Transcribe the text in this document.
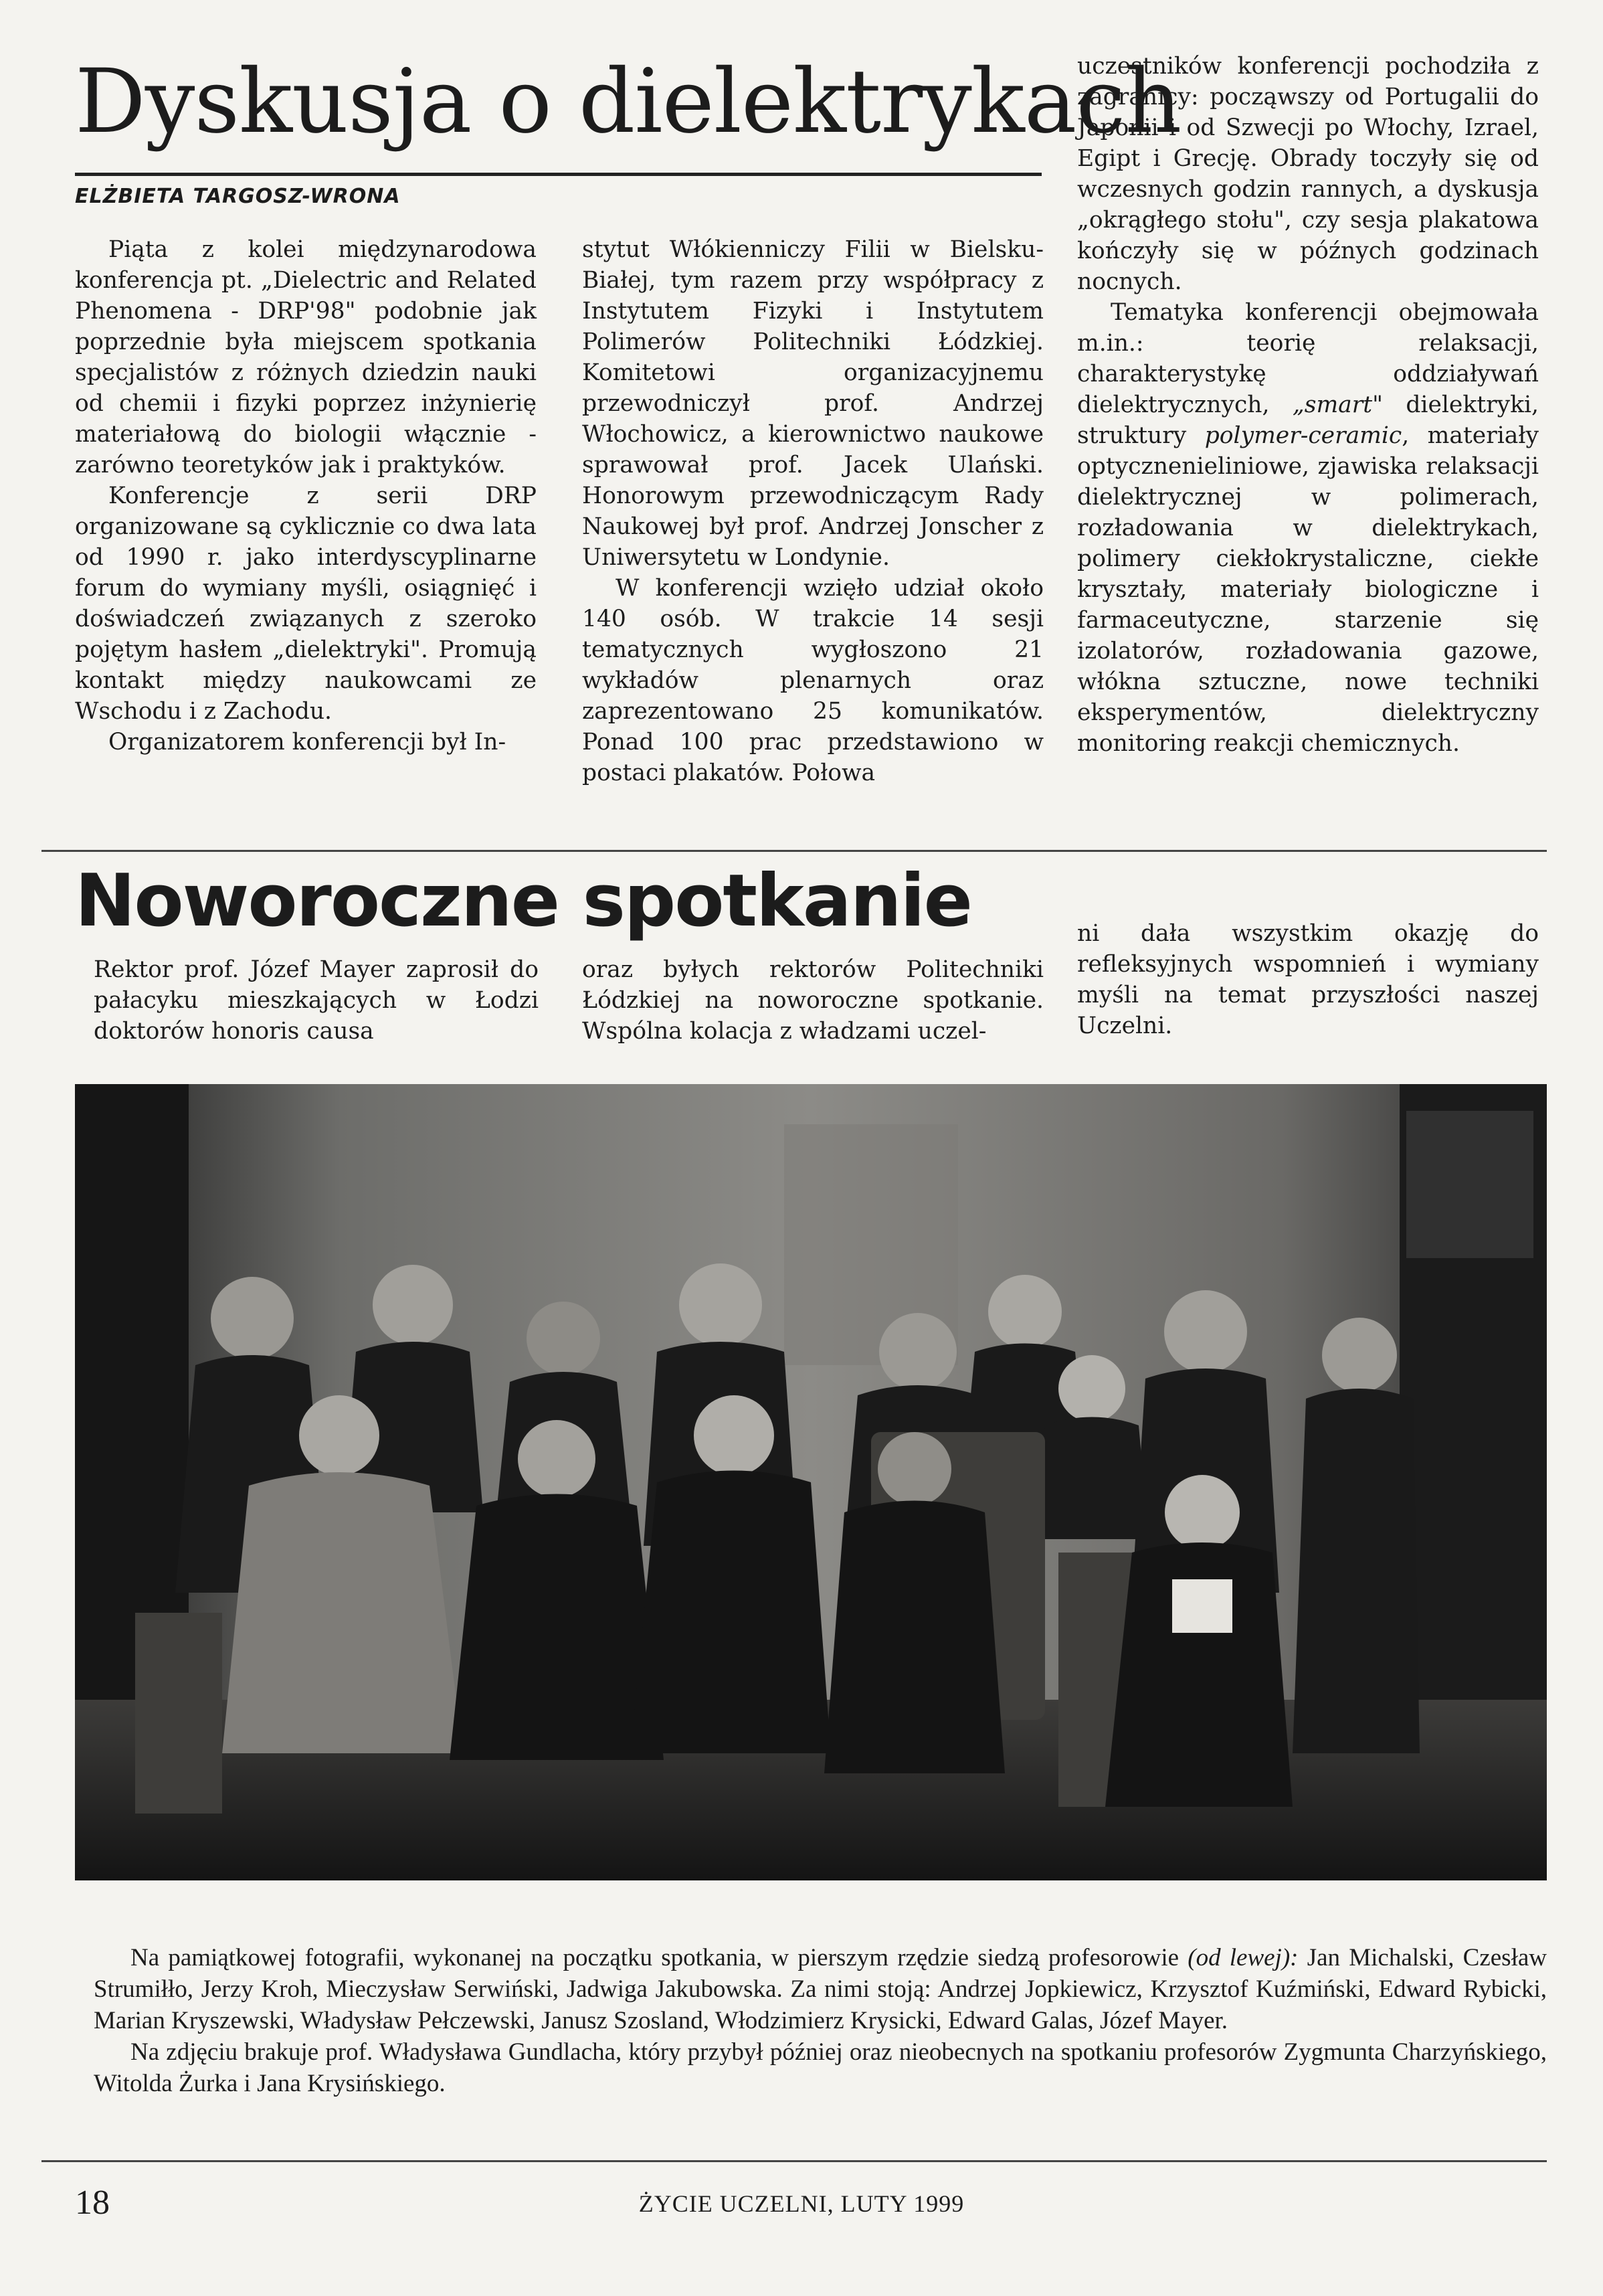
Dyskusja o dielektrykach
ELŻBIETA TARGOSZ-WRONA

Piąta z kolei międzynarodowa konferencja pt. „Dielectric and Related Phenomena - DRP'98" podobnie jak poprzednie była miejscem spotkania specjalistów z różnych dziedzin nauki od chemii i fizyki poprzez inżynierię materiałową do biologii włącznie - zarówno teoretyków jak i praktyków.

Konferencje z serii DRP organizowane są cyklicznie co dwa lata od 1990 r. jako interdyscyplinarne forum do wymiany myśli, osiągnięć i doświadczeń związanych z szeroko pojętym hasłem „dielektryki". Promują kontakt między naukowcami ze Wschodu i z Zachodu.

Organizatorem konferencji był In-

stytut Włókienniczy Filii w Bielsku-Białej, tym razem przy współpracy z Instytutem Fizyki i Instytutem Polimerów Politechniki Łódzkiej. Komitetowi organizacyjnemu przewodniczył prof. Andrzej Włochowicz, a kierownictwo naukowe sprawował prof. Jacek Ulański. Honorowym przewodniczącym Rady Naukowej był prof. Andrzej Jonscher z Uniwersytetu w Londynie.

W konferencji wzięło udział około 140 osób. W trakcie 14 sesji tematycznych wygłoszono 21 wykładów plenarnych oraz zaprezentowano 25 komunikatów. Ponad 100 prac przedstawiono w postaci plakatów. Połowa

uczestników konferencji pochodziła z zagranicy: począwszy od Portugalii do Japonii i od Szwecji po Włochy, Izrael, Egipt i Grecję. Obrady toczyły się od wczesnych godzin rannych, a dyskusja „okrągłego stołu", czy sesja plakatowa kończyły się w późnych godzinach nocnych.

Tematyka konferencji obejmowała m.in.: teorię relaksacji, charakterystykę oddziaływań dielektrycznych, „smart" dielektryki, struktury polymer-ceramic, materiały optycznenieliniowe, zjawiska relaksacji dielektrycznej w polimerach, rozładowania w dielektrykach, polimery ciekłokrystaliczne, ciekłe kryształy, materiały biologiczne i farmaceutyczne, starzenie się izolatorów, rozładowania gazowe, włókna sztuczne, nowe techniki eksperymentów, dielektryczny monitoring reakcji chemicznych.

Noworoczne spotkanie

Rektor prof. Józef Mayer zaprosił do pałacyku mieszkających w Łodzi doktorów honoris causa

oraz byłych rektorów Politechniki Łódzkiej na noworoczne spotkanie. Wspólna kolacja z władzami uczel-

ni dała wszystkim okazję do refleksyjnych wspomnień i wymiany myśli na temat przyszłości naszej Uczelni.

Na pamiątkowej fotografii, wykonanej na początku spotkania, w pierszym rzędzie siedzą profesorowie (od lewej): Jan Michalski, Czesław Strumiłło, Jerzy Kroh, Mieczysław Serwiński, Jadwiga Jakubowska. Za nimi stoją: Andrzej Jopkiewicz, Krzysztof Kuźmiński, Edward Rybicki, Marian Kryszewski, Władysław Pełczewski, Janusz Szosland, Włodzimierz Krysicki, Edward Galas, Józef Mayer.

Na zdjęciu brakuje prof. Władysława Gundlacha, który przybył później oraz nieobecnych na spotkaniu profesorów Zygmunta Charzyńskiego, Witolda Żurka i Jana Krysińskiego.

18	ŻYCIE UCZELNI, LUTY 1999
